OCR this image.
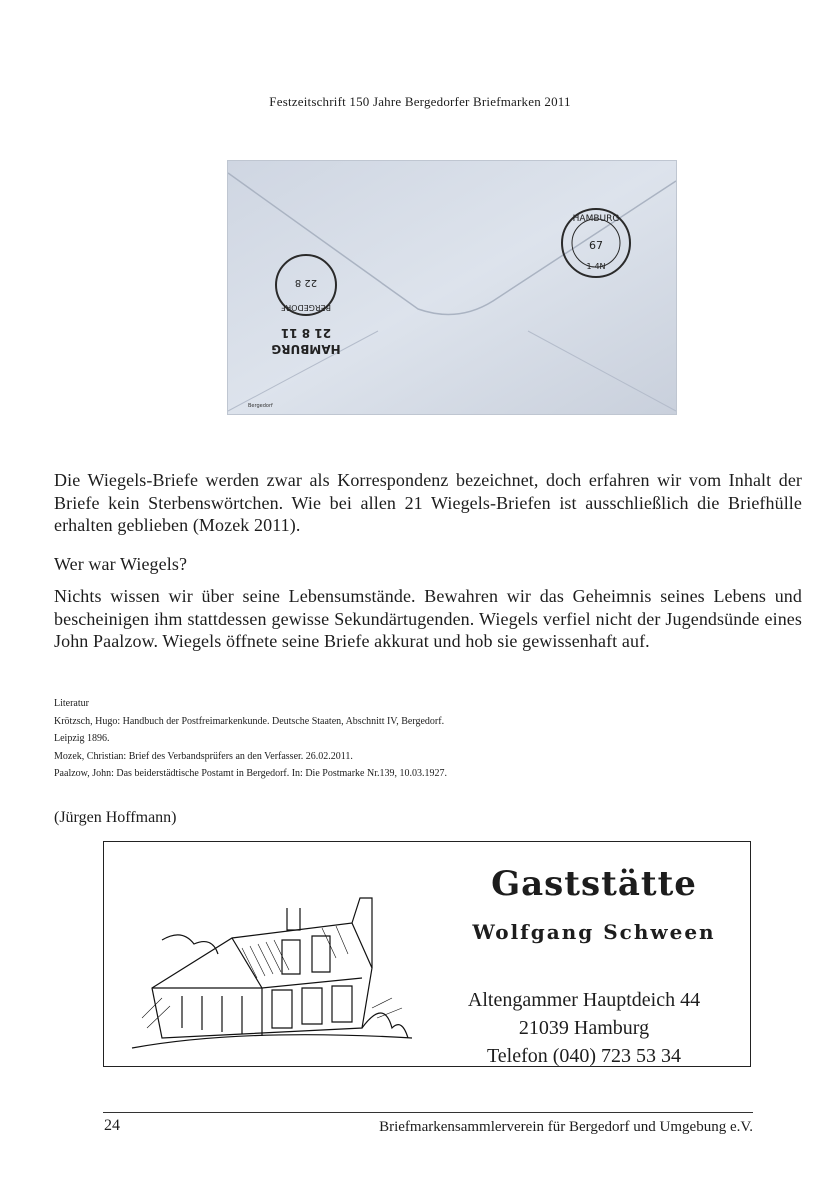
Festzeitschrift 150 Jahre Bergedorfer Briefmarken 2011
HAMBURG
67
1-4N
HAMBURG
21 8 11
BERGEDORF
22 8
Bergedorf
Die Wiegels-Briefe werden zwar als Korrespondenz bezeichnet, doch erfahren wir vom Inhalt der Briefe kein Sterbenswörtchen. Wie bei allen 21 Wiegels-Briefen ist ausschließlich die Briefhülle erhalten geblieben (Mozek 2011).
Wer war Wiegels?
Nichts wissen wir über seine Lebensumstände. Bewahren wir das Geheimnis seines Lebens und bescheinigen ihm stattdessen gewisse Sekundärtugenden. Wiegels verfiel nicht der Jugendsünde eines John Paalzow. Wiegels öffnete seine Briefe akkurat und hob sie gewissenhaft auf.
Literatur
Krötzsch, Hugo: Handbuch der Postfreimarkenkunde. Deutsche Staaten, Abschnitt IV, Bergedorf.
Leipzig 1896.
Mozek, Christian: Brief des Verbandsprüfers an den Verfasser. 26.02.2011.
Paalzow, John: Das beiderstädtische Postamt in Bergedorf. In: Die Postmarke Nr.139, 10.03.1927.
(Jürgen Hoffmann)
Gaststätte
Wolfgang Schween
Altengammer Hauptdeich 44
21039 Hamburg
Telefon (040) 723 53 34
24	Briefmarkensammlerverein für Bergedorf und Umgebung e.V.
